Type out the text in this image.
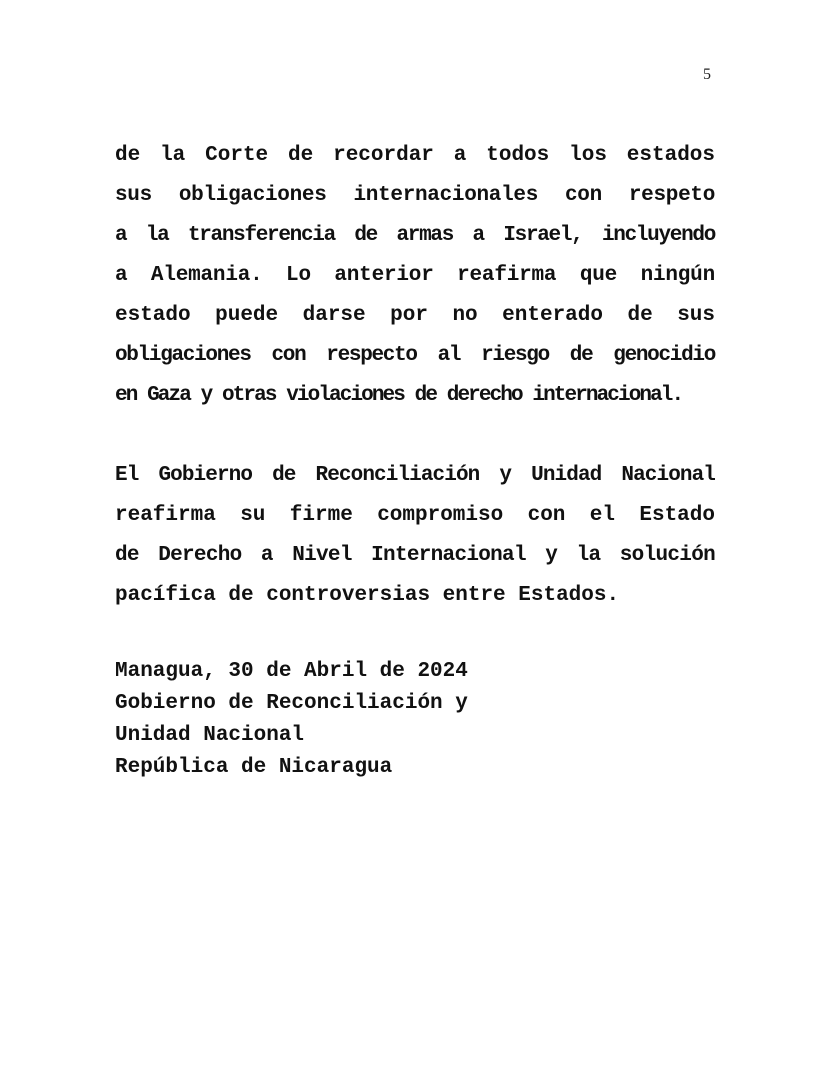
5

de la Corte de recordar a todos los estados
sus obligaciones internacionales con respeto
a la transferencia de armas a Israel, incluyendo
a Alemania. Lo anterior reafirma que ningún
estado puede darse por no enterado de sus
obligaciones con respecto al riesgo de genocidio
en Gaza y otras violaciones de derecho internacional.

El Gobierno de Reconciliación y Unidad Nacional
reafirma su firme compromiso con el Estado
de Derecho a Nivel Internacional y la solución
pacífica de controversias entre Estados.

Managua, 30 de Abril de 2024
Gobierno de Reconciliación y
Unidad Nacional
República de Nicaragua
